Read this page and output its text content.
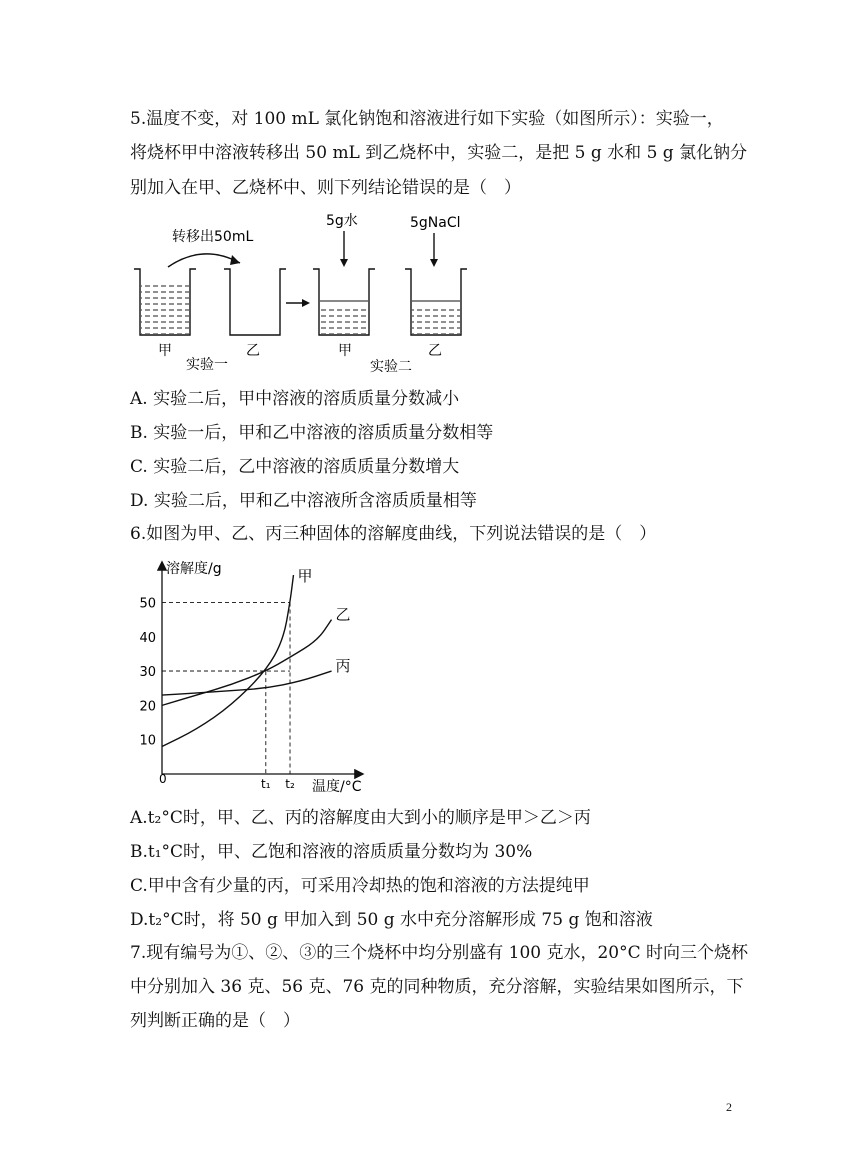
5.温度不变，对 100 mL 氯化钠饱和溶液进行如下实验（如图所示）：实验一，
将烧杯甲中溶液转移出 50 mL 到乙烧杯中，实验二，是把 5 g 水和 5 g 氯化钠分
别加入在甲、乙烧杯中、则下列结论错误的是（　）
转移出50mL
甲	乙
实验一
5g水
甲
5gNaCl
乙
实验二
A. 实验二后，甲中溶液的溶质质量分数减小
B. 实验一后，甲和乙中溶液的溶质质量分数相等
C. 实验二后，乙中溶液的溶质质量分数增大
D. 实验二后，甲和乙中溶液所含溶质质量相等
6.如图为甲、乙、丙三种固体的溶解度曲线，下列说法错误的是（　）
溶解度/g
温度/°C
0
10
20
30
40
50
t₁ t₂
甲
乙
丙
A.t₂°C时，甲、乙、丙的溶解度由大到小的顺序是甲＞乙＞丙
B.t₁°C时，甲、乙饱和溶液的溶质质量分数均为 30%
C.甲中含有少量的丙，可采用冷却热的饱和溶液的方法提纯甲
D.t₂°C时，将 50 g 甲加入到 50 g 水中充分溶解形成 75 g 饱和溶液
7.现有编号为①、②、③的三个烧杯中均分别盛有 100 克水，20°C 时向三个烧杯
中分别加入 36 克、56 克、76 克的同种物质，充分溶解，实验结果如图所示，下
列判断正确的是（　）
2
